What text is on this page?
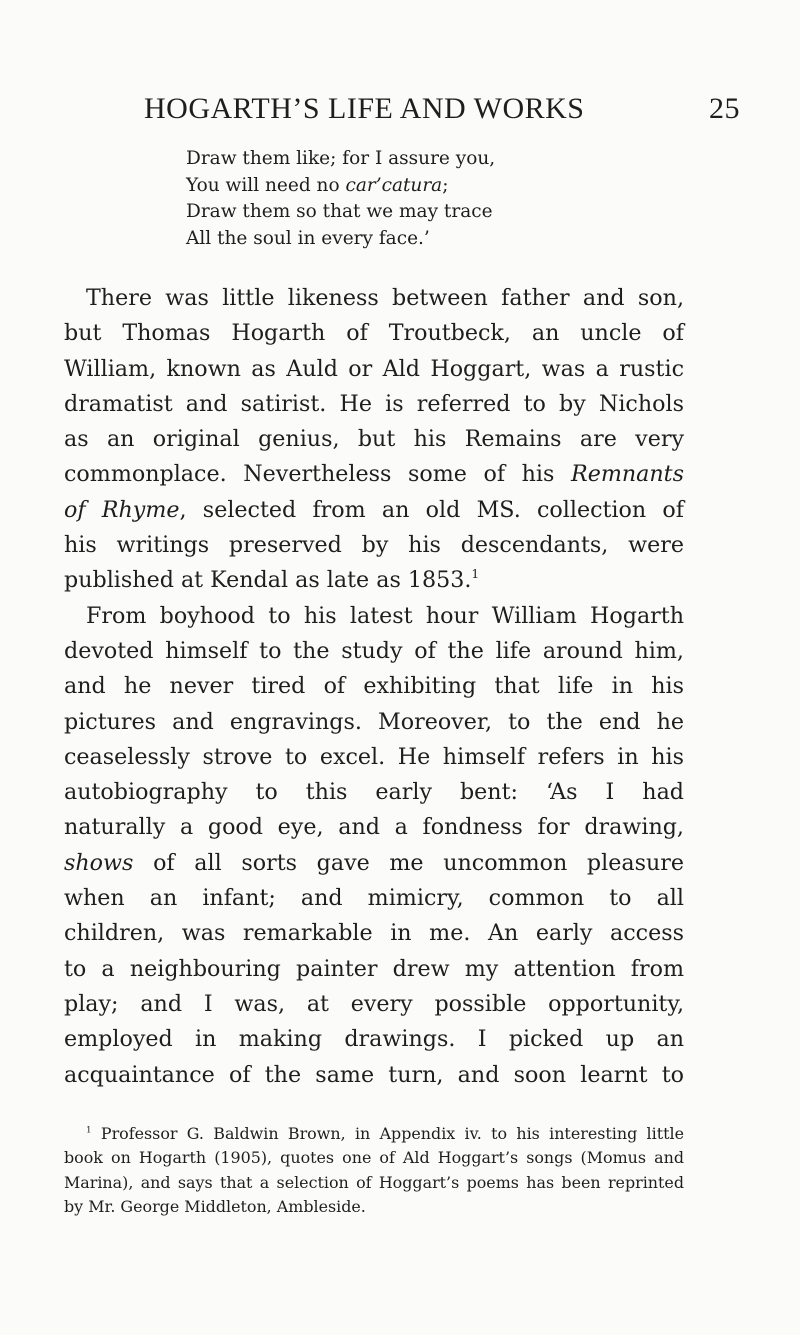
HOGARTH’S LIFE AND WORKS	25
Draw them like; for I assure you,
You will need no car’catura;
Draw them so that we may trace
All the soul in every face.’
There was little likeness between father and son,
but Thomas Hogarth of Troutbeck, an uncle of
William, known as Auld or Ald Hoggart, was a rustic
dramatist and satirist. He is referred to by Nichols
as an original genius, but his Remains are very
commonplace. Nevertheless some of his Remnants
of Rhyme, selected from an old MS. collection of
his writings preserved by his descendants, were
published at Kendal as late as 1853.$^1$
From boyhood to his latest hour William Hogarth
devoted himself to the study of the life around him,
and he never tired of exhibiting that life in his
pictures and engravings. Moreover, to the end he
ceaselessly strove to excel. He himself refers in his
autobiography to this early bent: ‘As I had
naturally a good eye, and a fondness for drawing,
shows of all sorts gave me uncommon pleasure
when an infant; and mimicry, common to all
children, was remarkable in me. An early access
to a neighbouring painter drew my attention from
play; and I was, at every possible opportunity,
employed in making drawings. I picked up an
acquaintance of the same turn, and soon learnt to
$^1$ Professor G. Baldwin Brown, in Appendix iv. to his interesting little
book on Hogarth (1905), quotes one of Ald Hoggart’s songs (Momus and
Marina), and says that a selection of Hoggart’s poems has been reprinted
by Mr. George Middleton, Ambleside.
